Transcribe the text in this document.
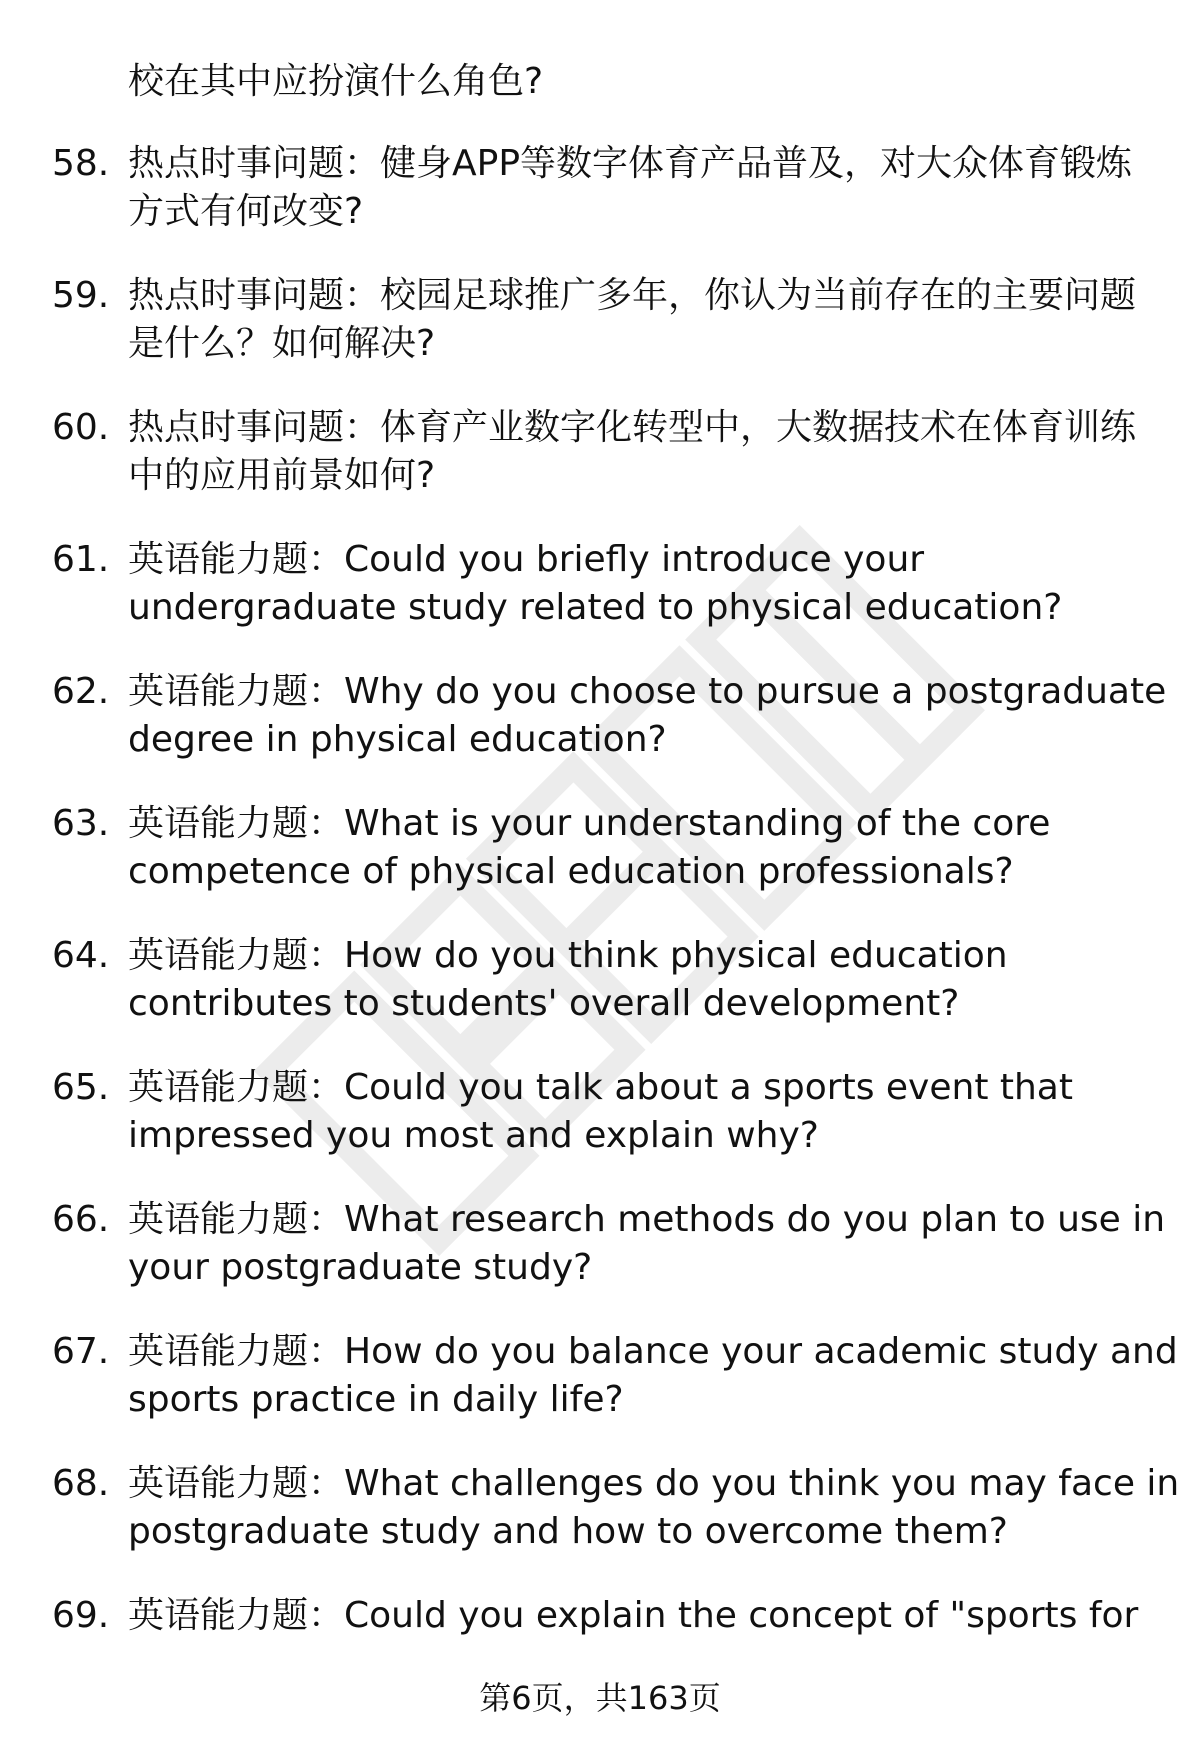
校在其中应扮演什么角色?
58. 热点时事问题：健身APP等数字体育产品普及，对大众体育锻炼
方式有何改变?
59. 热点时事问题：校园足球推广多年，你认为当前存在的主要问题
是什么？如何解决?
60. 热点时事问题：体育产业数字化转型中，大数据技术在体育训练
中的应用前景如何?
61. 英语能力题：Could you briefly introduce your
undergraduate study related to physical education?
62. 英语能力题：Why do you choose to pursue a postgraduate
degree in physical education?
63. 英语能力题：What is your understanding of the core
competence of physical education professionals?
64. 英语能力题：How do you think physical education
contributes to students' overall development?
65. 英语能力题：Could you talk about a sports event that
impressed you most and explain why?
66. 英语能力题：What research methods do you plan to use in
your postgraduate study?
67. 英语能力题：How do you balance your academic study and
sports practice in daily life?
68. 英语能力题：What challenges do you think you may face in
postgraduate study and how to overcome them?
69. 英语能力题：Could you explain the concept of "sports for
第6页，共163页
